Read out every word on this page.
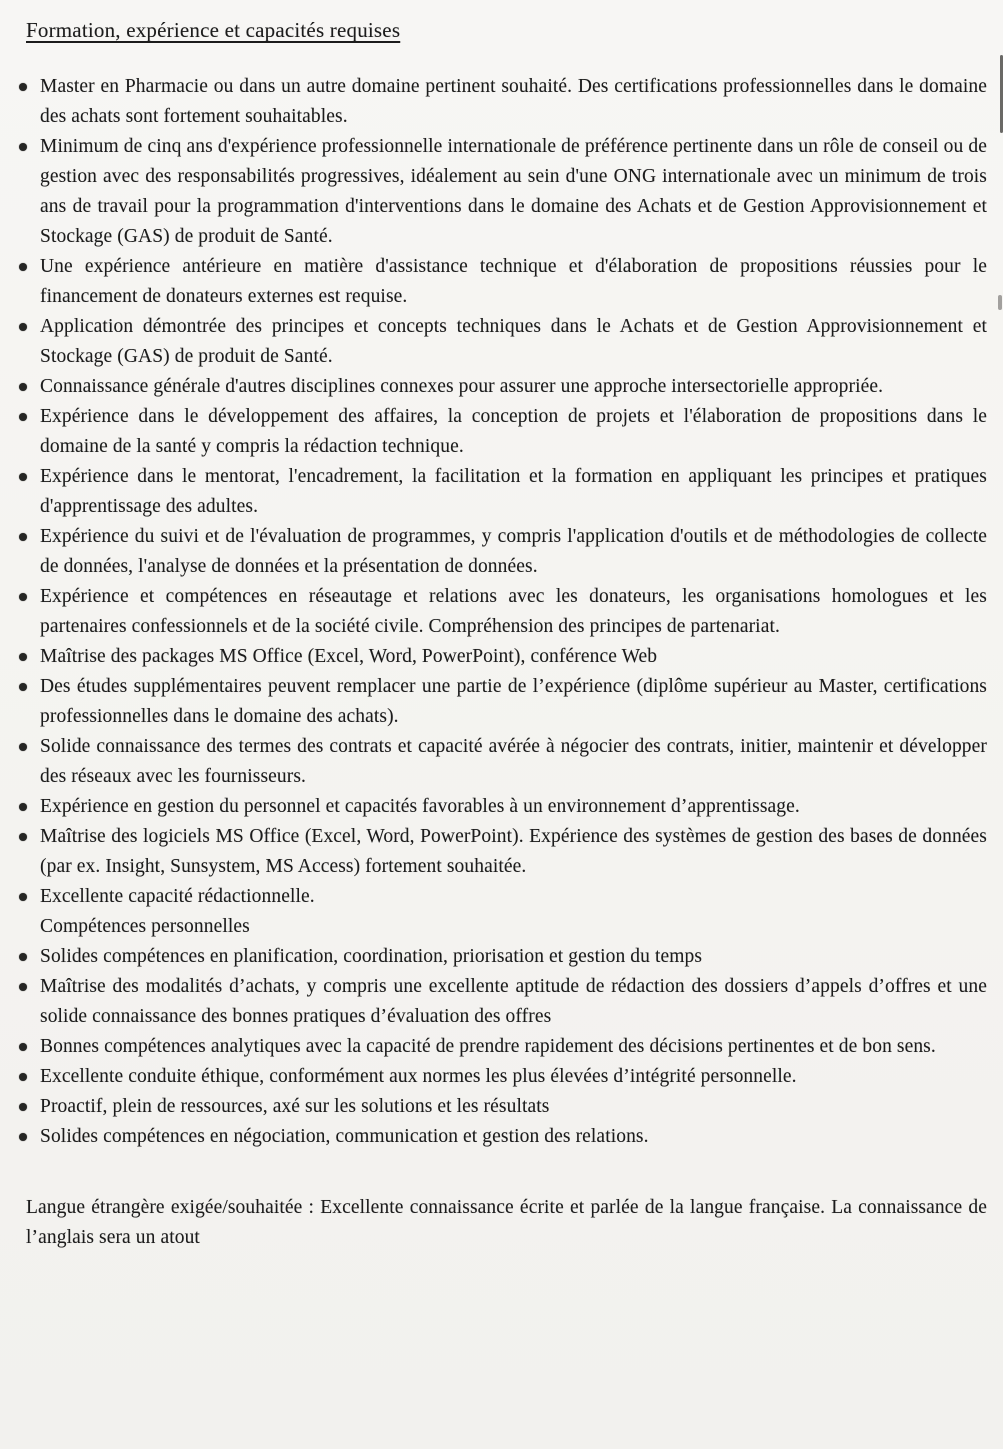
Formation, expérience et capacités requises
Master en Pharmacie ou dans un autre domaine pertinent souhaité. Des certifications professionnelles dans le domaine des achats sont fortement souhaitables.
Minimum de cinq ans d'expérience professionnelle internationale de préférence pertinente dans un rôle de conseil ou de gestion avec des responsabilités progressives, idéalement au sein d'une ONG internationale avec un minimum de trois ans de travail pour la programmation d'interventions dans le domaine des Achats et de Gestion Approvisionnement et Stockage (GAS) de produit de Santé.
Une expérience antérieure en matière d'assistance technique et d'élaboration de propositions réussies pour le financement de donateurs externes est requise.
Application démontrée des principes et concepts techniques dans le Achats et de Gestion Approvisionnement et Stockage (GAS) de produit de Santé.
Connaissance générale d'autres disciplines connexes pour assurer une approche intersectorielle appropriée.
Expérience dans le développement des affaires, la conception de projets et l'élaboration de propositions dans le domaine de la santé y compris la rédaction technique.
Expérience dans le mentorat, l'encadrement, la facilitation et la formation en appliquant les principes et pratiques d'apprentissage des adultes.
Expérience du suivi et de l'évaluation de programmes, y compris l'application d'outils et de méthodologies de collecte de données, l'analyse de données et la présentation de données.
Expérience et compétences en réseautage et relations avec les donateurs, les organisations homologues et les partenaires confessionnels et de la société civile. Compréhension des principes de partenariat.
Maîtrise des packages MS Office (Excel, Word, PowerPoint), conférence Web
Des études supplémentaires peuvent remplacer une partie de l’expérience (diplôme supérieur au Master, certifications professionnelles dans le domaine des achats).
Solide connaissance des termes des contrats et capacité avérée à négocier des contrats, initier, maintenir et développer des réseaux avec les fournisseurs.
Expérience en gestion du personnel et capacités favorables à un environnement d’apprentissage.
Maîtrise des logiciels MS Office (Excel, Word, PowerPoint). Expérience des systèmes de gestion des bases de données (par ex. Insight, Sunsystem, MS Access) fortement souhaitée.
Excellente capacité rédactionnelle.
Compétences personnelles
Solides compétences en planification, coordination, priorisation et gestion du temps
Maîtrise des modalités d’achats, y compris une excellente aptitude de rédaction des dossiers d’appels d’offres et une solide connaissance des bonnes pratiques d’évaluation des offres
Bonnes compétences analytiques avec la capacité de prendre rapidement des décisions pertinentes et de bon sens.
Excellente conduite éthique, conformément aux normes les plus élevées d’intégrité personnelle.
Proactif, plein de ressources, axé sur les solutions et les résultats
Solides compétences en négociation, communication et gestion des relations.

Langue étrangère exigée/souhaitée : Excellente connaissance écrite et parlée de la langue française. La connaissance de l’anglais sera un atout
